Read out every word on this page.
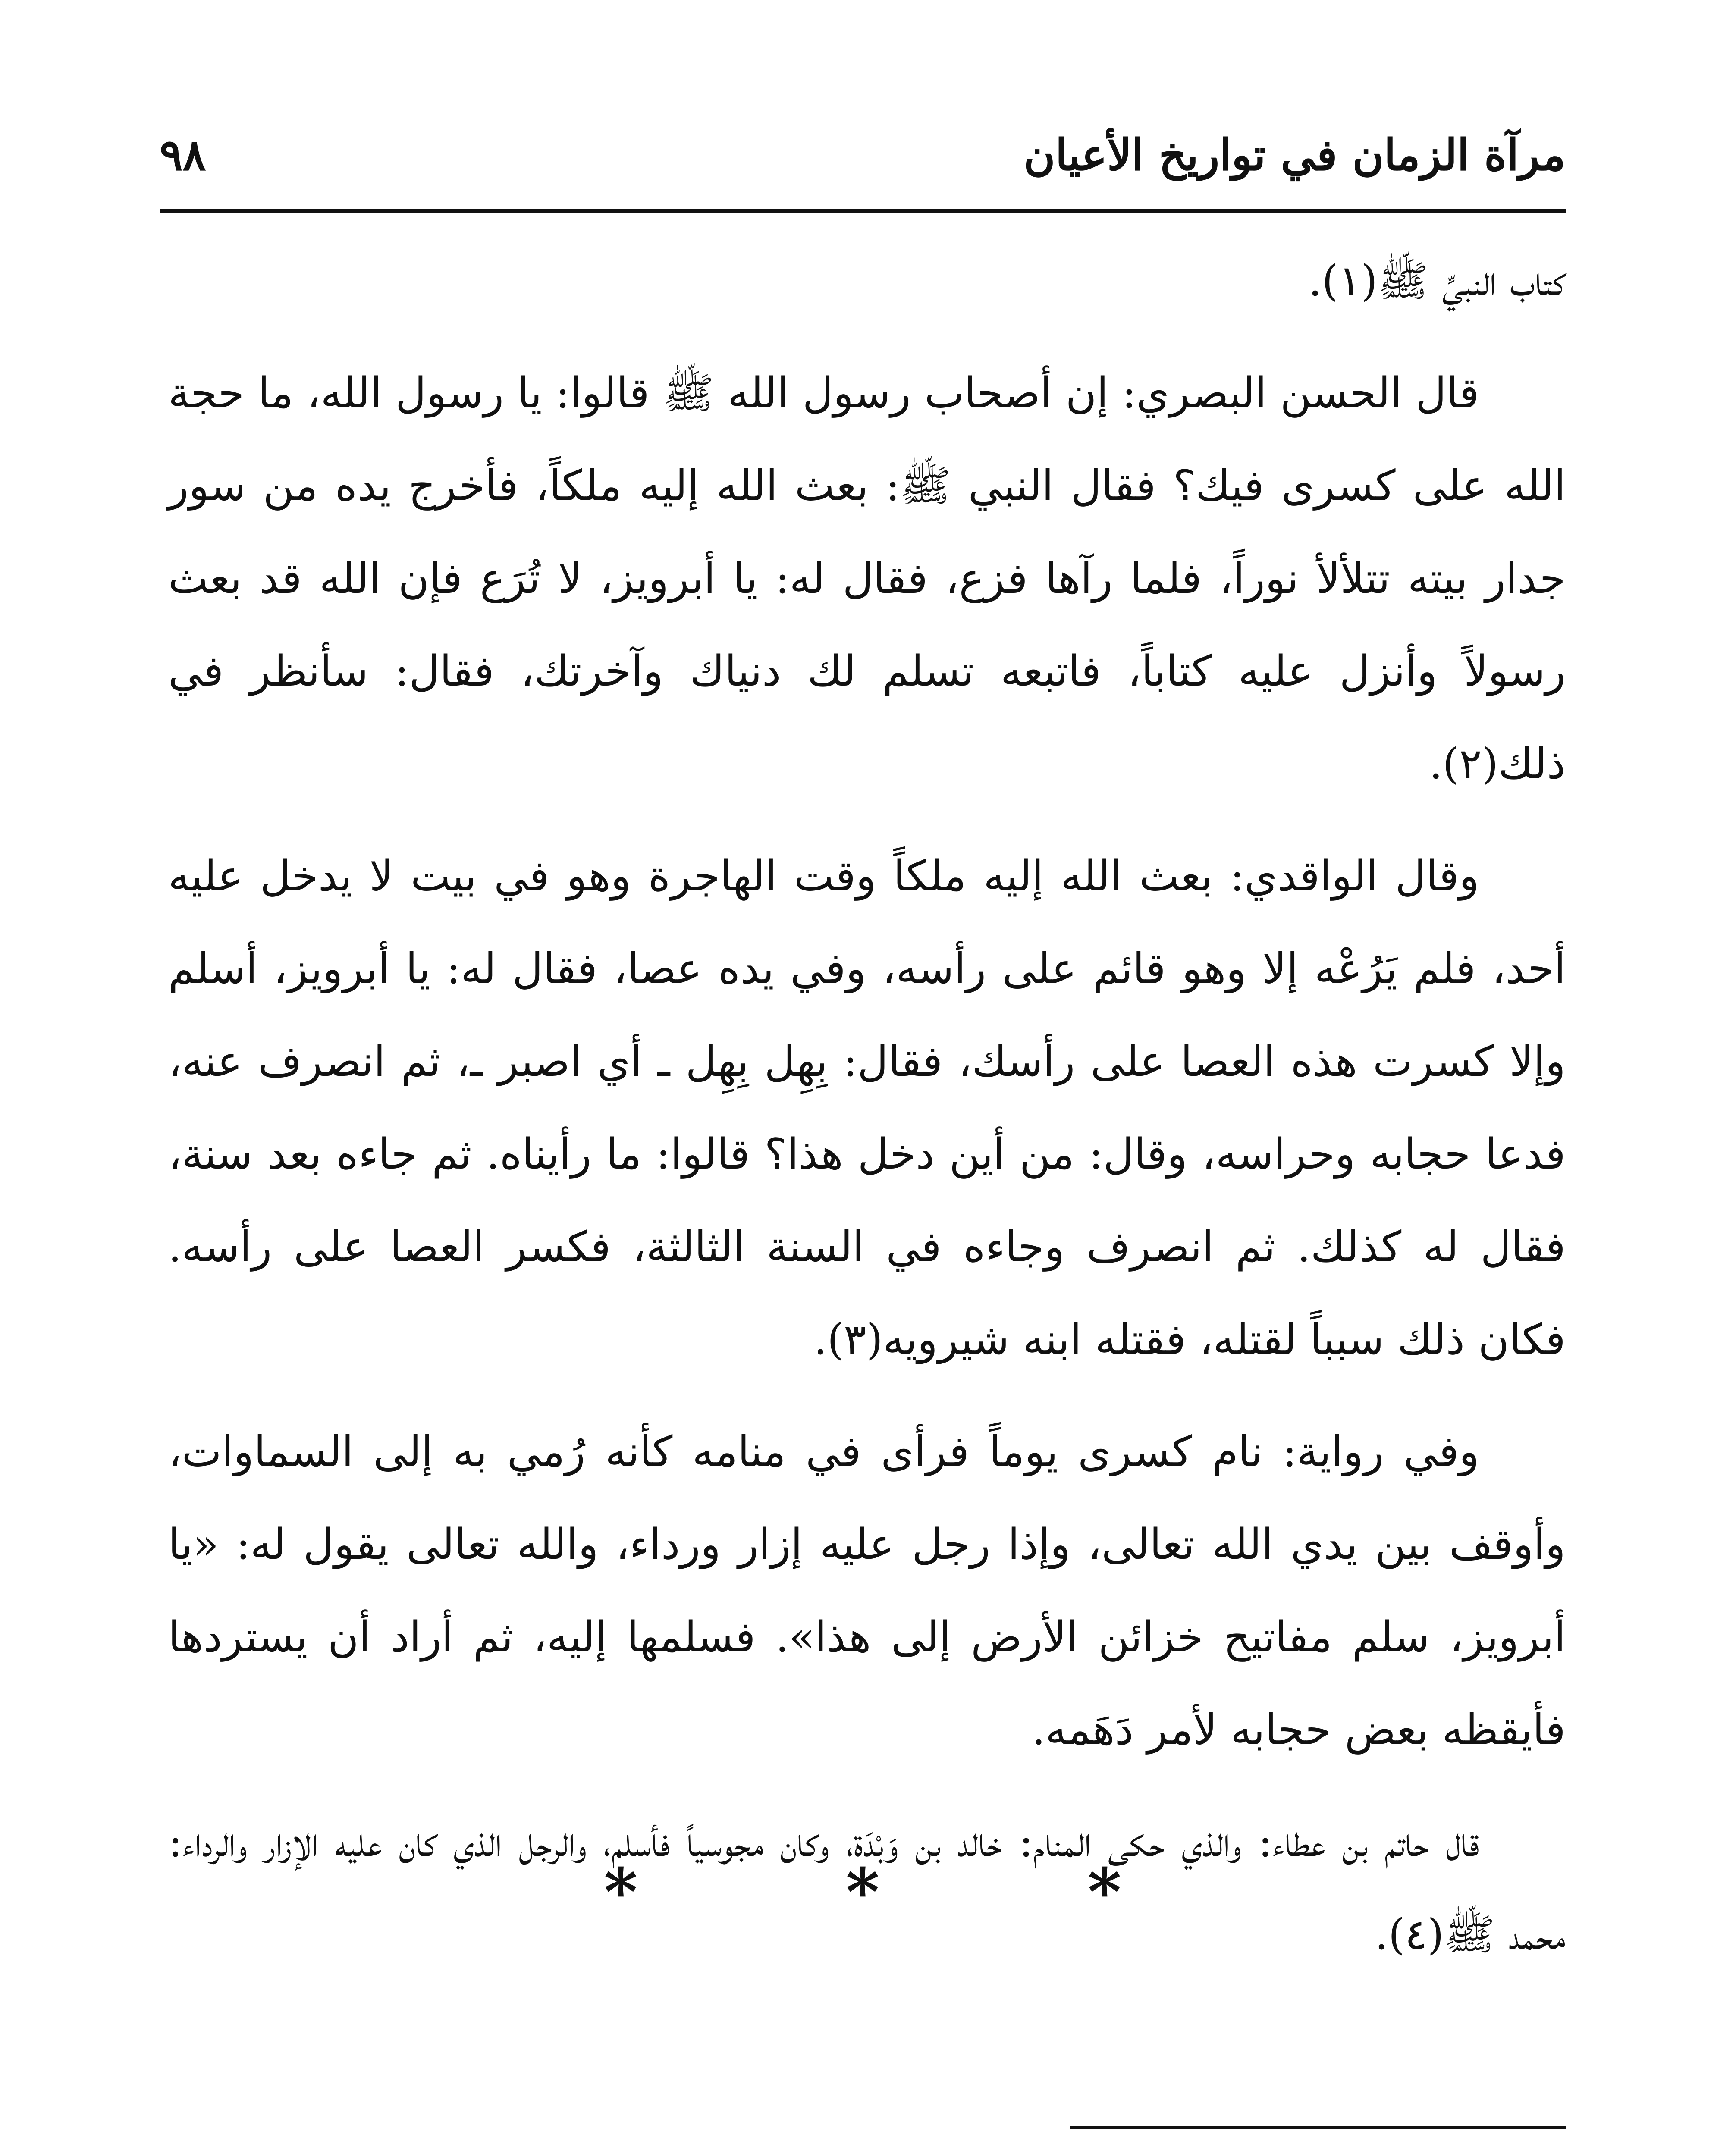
٩٨	مرآة الزمان في تواريخ الأعيان

كتاب النبيِّ ﷺ(١).

قال الحسن البصري: إن أصحاب رسول الله ﷺ قالوا: يا رسول الله، ما حجة الله على كسرى فيك؟ فقال النبي ﷺ: بعث الله إليه ملكاً، فأخرج يده من سور جدار بيته تتلألأ نوراً، فلما رآها فزع، فقال له: يا أبرويز، لا تُرَع فإن الله قد بعث رسولاً وأنزل عليه كتاباً، فاتبعه تسلم لك دنياك وآخرتك، فقال: سأنظر في ذلك(٢).

وقال الواقدي: بعث الله إليه ملكاً وقت الهاجرة وهو في بيت لا يدخل عليه أحد، فلم يَرُعْه إلا وهو قائم على رأسه، وفي يده عصا، فقال له: يا أبرويز، أسلم وإلا كسرت هذه العصا على رأسك، فقال: بِهِل بِهِل ـ أي اصبر ـ، ثم انصرف عنه، فدعا حجابه وحراسه، وقال: من أين دخل هذا؟ قالوا: ما رأيناه. ثم جاءه بعد سنة، فقال له كذلك. ثم انصرف وجاءه في السنة الثالثة، فكسر العصا على رأسه. فكان ذلك سبباً لقتله، فقتله ابنه شيرويه(٣).

وفي رواية: نام كسرى يوماً فرأى في منامه كأنه رُمي به إلى السماوات، وأوقف بين يدي الله تعالى، وإذا رجل عليه إزار ورداء، والله تعالى يقول له: «يا أبرويز، سلم مفاتيح خزائن الأرض إلى هذا». فسلمها إليه، ثم أراد أن يستردها فأيقظه بعض حجابه لأمر دَهَمه.

قال حاتم بن عطاء: والذي حكى المنام: خالد بن وَبْدَة، وكان مجوسياً فأسلم، والرجل الذي كان عليه الإزار والرداء: محمد ﷺ(٤).

*	*	*
